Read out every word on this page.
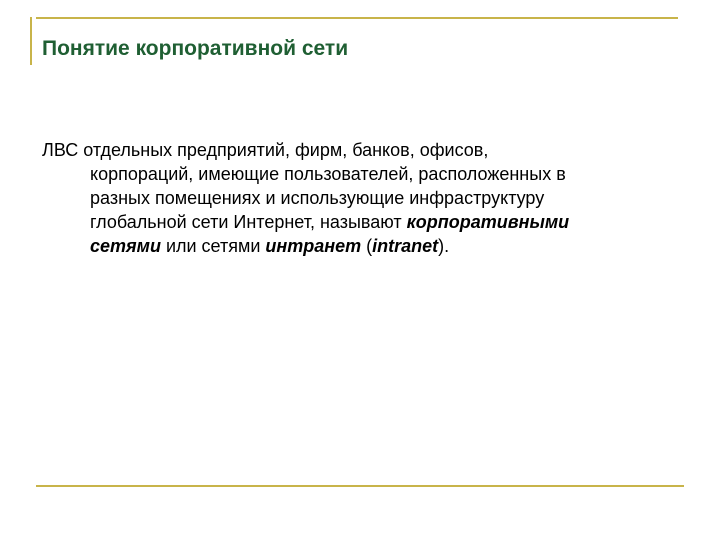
Понятие корпоративной сети
ЛВС отдельных предприятий, фирм, банков, офисов,
корпораций, имеющие пользователей, расположенных в
разных помещениях и использующие инфраструктуру
глобальной сети Интернет, называют корпоративными
сетями или сетями интранет (intranet).
